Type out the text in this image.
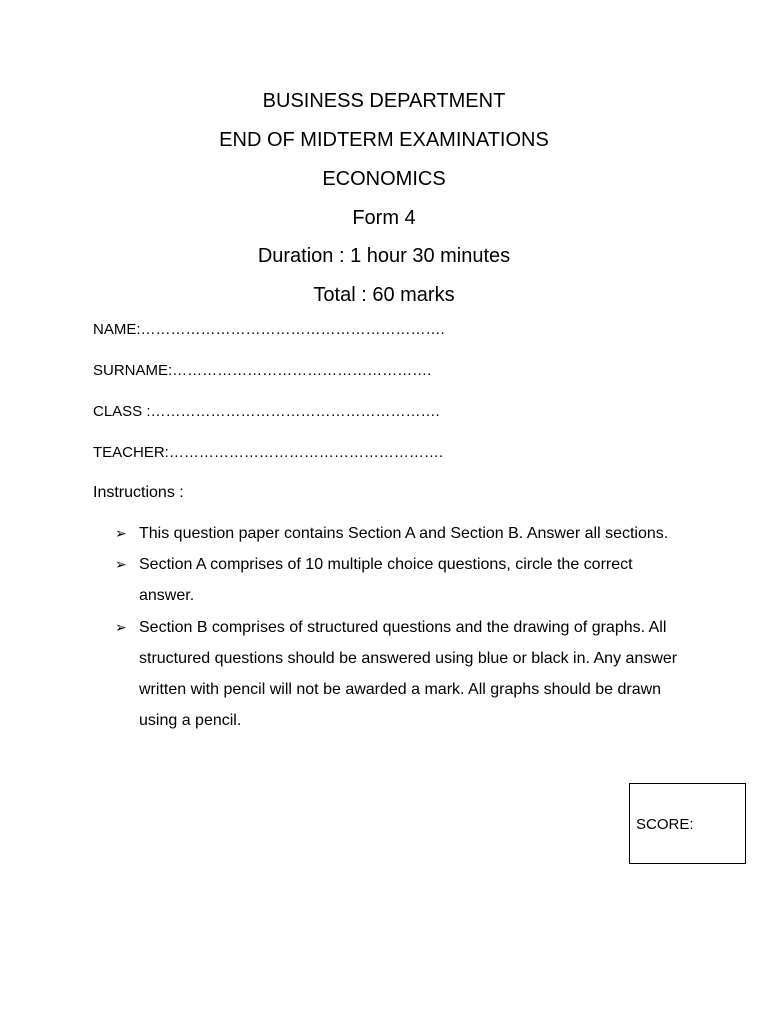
BUSINESS DEPARTMENT
END OF MIDTERM EXAMINATIONS
ECONOMICS
Form 4
Duration : 1 hour 30 minutes
Total : 60 marks
NAME:…………………………………………………….
SURNAME:…………………………………………….
CLASS :………………………………………………….
TEACHER:……………………………………………….
Instructions :
➢ This question paper contains Section A and Section B. Answer all sections.
➢ Section A comprises of 10 multiple choice questions, circle the correct answer.
➢ Section B comprises of structured questions and the drawing of graphs. All structured questions should be answered using blue or black in. Any answer written with pencil will not be awarded a mark. All graphs should be drawn using a pencil.
SCORE:
